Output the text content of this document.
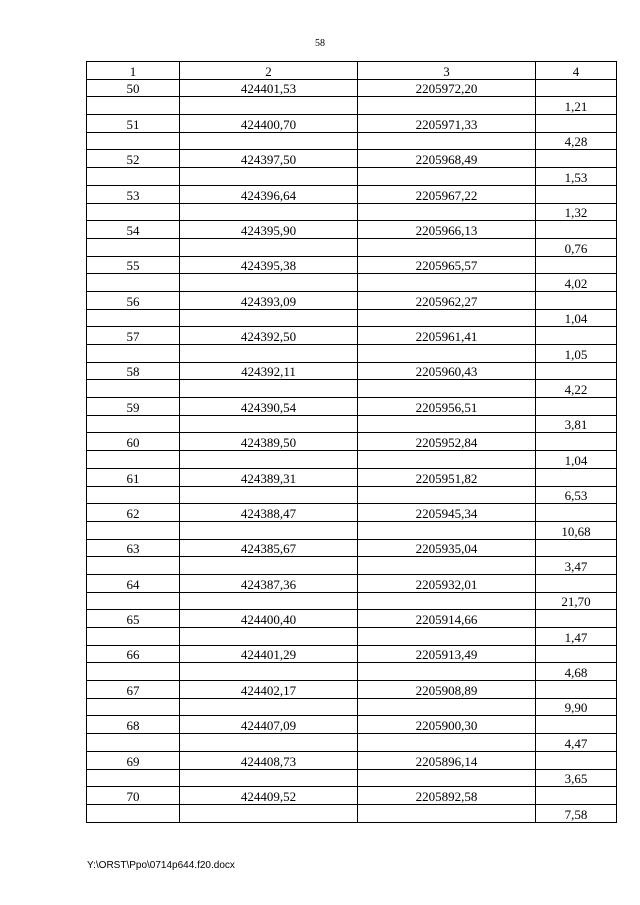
58
1	2	3	4
50	424401,53	2205972,20	
			1,21
51	424400,70	2205971,33	
			4,28
52	424397,50	2205968,49	
			1,53
53	424396,64	2205967,22	
			1,32
54	424395,90	2205966,13	
			0,76
55	424395,38	2205965,57	
			4,02
56	424393,09	2205962,27	
			1,04
57	424392,50	2205961,41	
			1,05
58	424392,11	2205960,43	
			4,22
59	424390,54	2205956,51	
			3,81
60	424389,50	2205952,84	
			1,04
61	424389,31	2205951,82	
			6,53
62	424388,47	2205945,34	
			10,68
63	424385,67	2205935,04	
			3,47
64	424387,36	2205932,01	
			21,70
65	424400,40	2205914,66	
			1,47
66	424401,29	2205913,49	
			4,68
67	424402,17	2205908,89	
			9,90
68	424407,09	2205900,30	
			4,47
69	424408,73	2205896,14	
			3,65
70	424409,52	2205892,58	
			7,58
Y:\ORST\Ppo\0714p644.f20.docx
